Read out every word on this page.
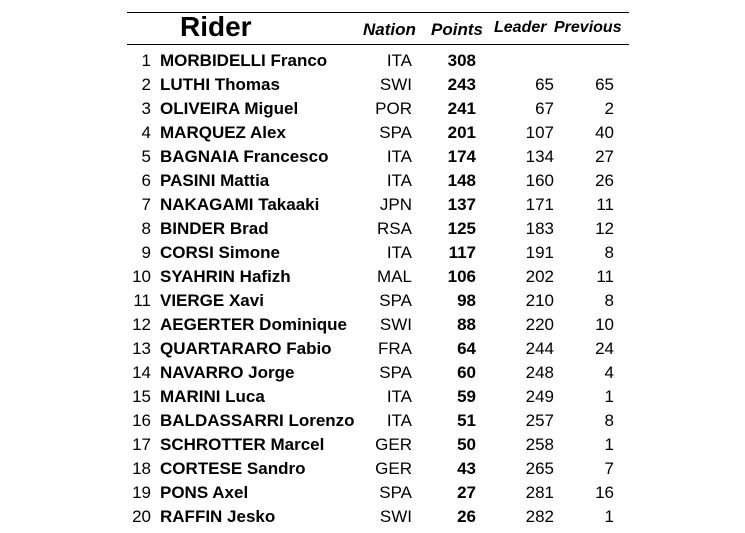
Rider	Nation Points Leader Previous
1 MORBIDELLI Franco	ITA 308
2 LUTHI Thomas	SWI 243	65 65
3 OLIVEIRA Miguel	POR 241	67	2
4 MARQUEZ Alex	SPA 201	107 40
5 BAGNAIA Francesco	ITA 174	134 27
6 PASINI Mattia	ITA 148	160 26
7 NAKAGAMI Takaaki	JPN 137	171 11
8 BINDER Brad	RSA 125	183 12
9 CORSI Simone	ITA 117	191	8
10 SYAHRIN Hafizh	MAL 106	202 11
11 VIERGE Xavi	SPA	98	210	8
12 AEGERTER Dominique SWI	88	220 10
13 QUARTARARO Fabio	FRA	64	244 24
14 NAVARRO Jorge	SPA	60	248	4
15 MARINI Luca	ITA	59	249	1
16 BALDASSARRI Lorenzo ITA	51	257	8
17 SCHROTTER Marcel	GER	50	258	1
18 CORTESE Sandro	GER	43	265	7
19 PONS Axel	SPA	27	281 16
20 RAFFIN Jesko	SWI	26	282	1
